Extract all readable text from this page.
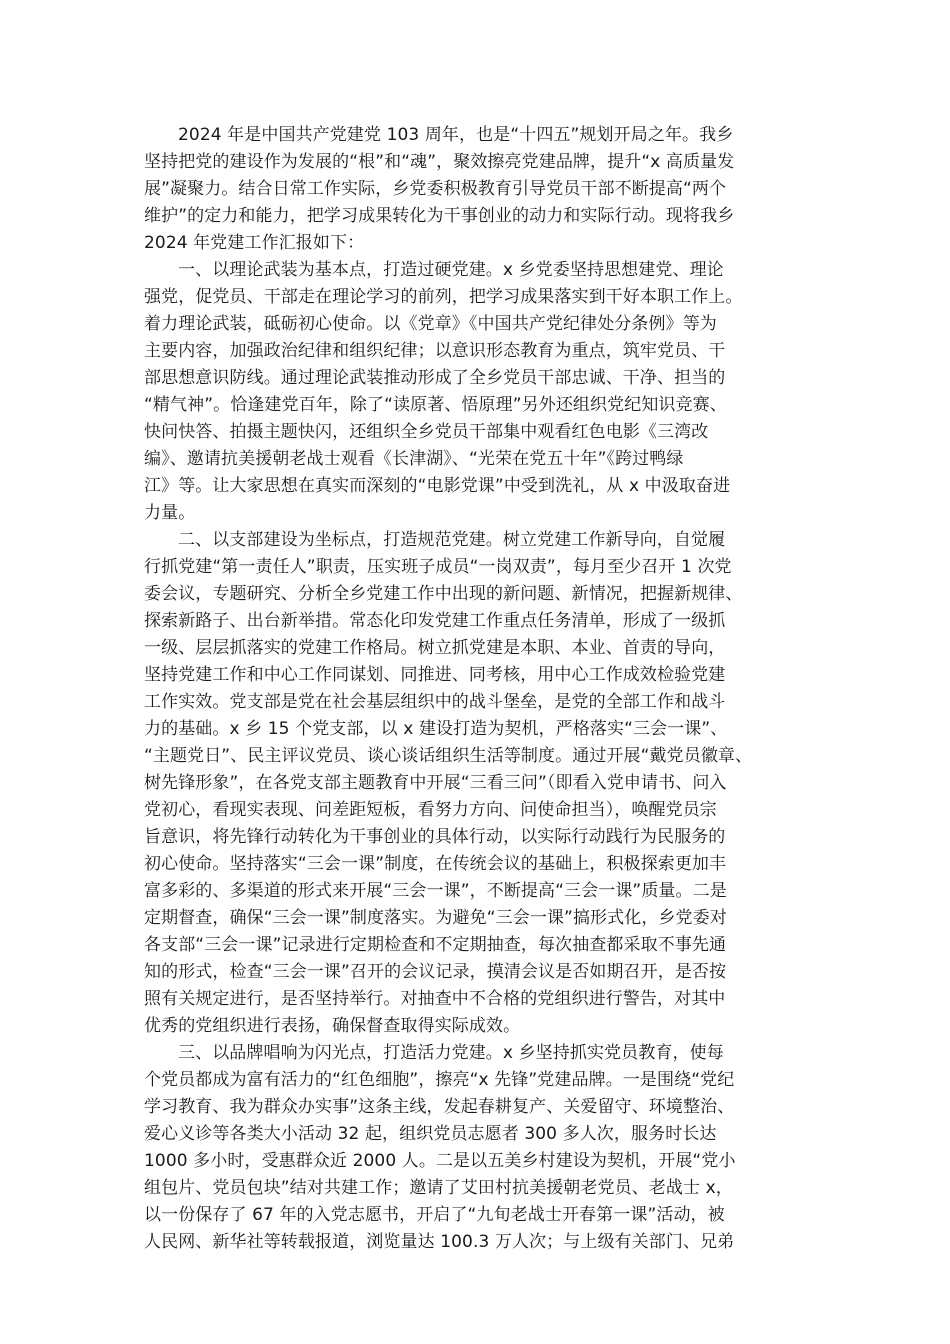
2024 年是中国共产党建党 103 周年，也是“十四五”规划开局之年。我乡
坚持把党的建设作为发展的“根”和“魂”，聚效擦亮党建品牌，提升“x 高质量发
展”凝聚力。结合日常工作实际，乡党委积极教育引导党员干部不断提高“两个
维护”的定力和能力，把学习成果转化为干事创业的动力和实际行动。现将我乡
2024 年党建工作汇报如下：
一、以理论武装为基本点，打造过硬党建。x 乡党委坚持思想建党、理论
强党，促党员、干部走在理论学习的前列，把学习成果落实到干好本职工作上。
着力理论武装，砥砺初心使命。以《党章》《中国共产党纪律处分条例》等为
主要内容，加强政治纪律和组织纪律；以意识形态教育为重点，筑牢党员、干
部思想意识防线。通过理论武装推动形成了全乡党员干部忠诚、干净、担当的
“精气神”。恰逢建党百年，除了“读原著、悟原理”另外还组织党纪知识竞赛、
快问快答、拍摄主题快闪，还组织全乡党员干部集中观看红色电影《三湾改
编》、邀请抗美援朝老战士观看《长津湖》、“光荣在党五十年”《跨过鸭绿
江》等。让大家思想在真实而深刻的“电影党课”中受到洗礼，从 x 中汲取奋进
力量。
二、以支部建设为坐标点，打造规范党建。树立党建工作新导向，自觉履
行抓党建“第一责任人”职责，压实班子成员“一岗双责”，每月至少召开 1 次党
委会议，专题研究、分析全乡党建工作中出现的新问题、新情况，把握新规律、
探索新路子、出台新举措。常态化印发党建工作重点任务清单，形成了一级抓
一级、层层抓落实的党建工作格局。树立抓党建是本职、本业、首责的导向，
坚持党建工作和中心工作同谋划、同推进、同考核，用中心工作成效检验党建
工作实效。党支部是党在社会基层组织中的战斗堡垒，是党的全部工作和战斗
力的基础。x 乡 15 个党支部，以 x 建设打造为契机，严格落实“三会一课”、
“主题党日”、民主评议党员、谈心谈话组织生活等制度。通过开展“戴党员徽章、
树先锋形象”，在各党支部主题教育中开展“三看三问”（即看入党申请书、问入
党初心，看现实表现、问差距短板，看努力方向、问使命担当），唤醒党员宗
旨意识，将先锋行动转化为干事创业的具体行动，以实际行动践行为民服务的
初心使命。坚持落实“三会一课”制度，在传统会议的基础上，积极探索更加丰
富多彩的、多渠道的形式来开展“三会一课”，不断提高“三会一课”质量。二是
定期督查，确保“三会一课”制度落实。为避免“三会一课”搞形式化，乡党委对
各支部“三会一课”记录进行定期检查和不定期抽查，每次抽查都采取不事先通
知的形式，检查“三会一课”召开的会议记录，摸清会议是否如期召开，是否按
照有关规定进行，是否坚持举行。对抽查中不合格的党组织进行警告，对其中
优秀的党组织进行表扬，确保督查取得实际成效。
三、以品牌唱响为闪光点，打造活力党建。x 乡坚持抓实党员教育，使每
个党员都成为富有活力的“红色细胞”，擦亮“x 先锋”党建品牌。一是围绕“党纪
学习教育、我为群众办实事”这条主线，发起春耕复产、关爱留守、环境整治、
爱心义诊等各类大小活动 32 起，组织党员志愿者 300 多人次，服务时长达
1000 多小时，受惠群众近 2000 人。二是以五美乡村建设为契机，开展“党小
组包片、党员包块”结对共建工作；邀请了艾田村抗美援朝老党员、老战士 x，
以一份保存了 67 年的入党志愿书，开启了“九旬老战士开春第一课”活动，被
人民网、新华社等转载报道，浏览量达 100.3 万人次；与上级有关部门、兄弟
